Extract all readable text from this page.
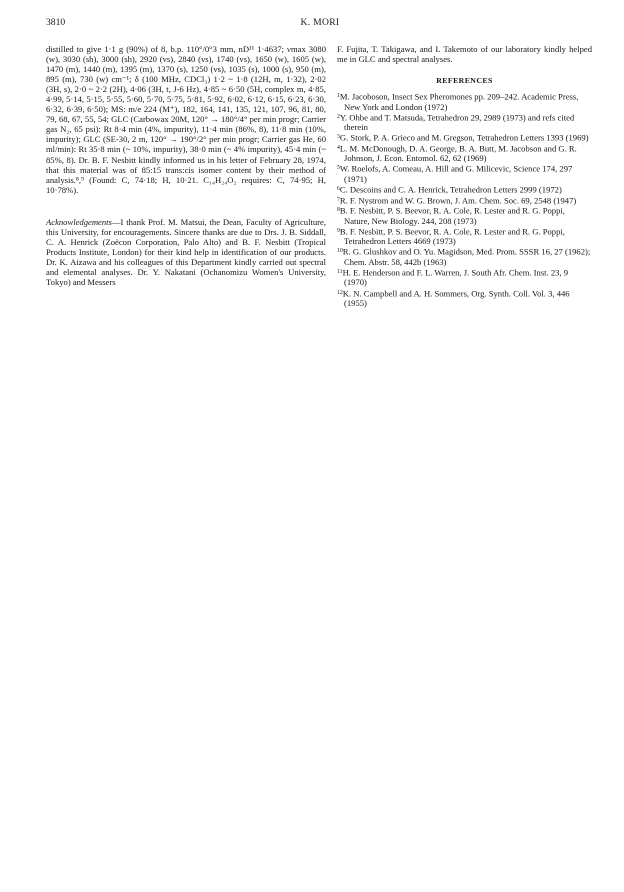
3810	K. MORI

distilled to give 1·1 g (90%) of 8, b.p. 110°/0°3 mm, nD¹¹ 1·4637; νmax 3080 (w), 3030 (sh), 3000 (sh), 2920 (vs), 2840 (vs), 1740 (vs), 1650 (w), 1605 (w), 1470 (m), 1440 (m), 1395 (m), 1370 (s), 1250 (vs), 1035 (s), 1000 (s), 950 (m), 895 (m), 730 (w) cm⁻¹; δ (100 MHz, CDCl₃) 1·2 ~ 1·8 (12H, m, 1·32), 2·02 (3H, s), 2·0 ~ 2·2 (2H), 4·06 (3H, t, J-6 Hz), 4·85 ~ 6·50 (5H, complex m, 4·85, 4·99, 5·14, 5·15, 5·55, 5·60, 5·70, 5·75, 5·81, 5·92, 6·02, 6·12, 6·15, 6·23, 6·30, 6·32, 6·39, 6·50); MS: m/e 224 (M⁺), 182, 164, 141, 135, 121, 107, 96, 81, 80, 79, 68, 67, 55, 54; GLC (Carbowax 20M, 120° → 180°/4° per min progr; Carrier gas N₂, 65 psi): Rt 8·4 min (4%, impurity), 11·4 min (86%, 8), 11·8 min (10%, impurity); GLC (SE-30, 2 m, 120° → 190°/2° per min progr; Carrier gas He, 60 ml/min): Rt 35·8 min (~ 10%, impurity), 38·0 min (~ 4% impurity), 45·4 min (~ 85%, 8). Dr. B. F. Nesbitt kindly informed us in his letter of February 28, 1974, that this material was of 85:15 trans:cis isomer content by their method of analysis.⁸,⁹ (Found: C, 74·18; H, 10·21. C₁₄H₂₄O₂ requires: C, 74·95; H, 10·78%).

Acknowledgements—I thank Prof. M. Matsui, the Dean, Faculty of Agriculture, this University, for encouragements. Sincere thanks are due to Drs. J. B. Siddall, C. A. Henrick (Zoëcon Corporation, Palo Alto) and B. F. Nesbitt (Tropical Products Institute, London) for their kind help in identification of our products. Dr. K. Aizawa and his colleagues of this Department kindly carried out spectral and elemental analyses. Dr. Y. Nakatani (Ochanomizu Women's University, Tokyo) and Messers

F. Fujita, T. Takigawa, and I. Takemoto of our laboratory kindly helped me in GLC and spectral analyses.

REFERENCES

$^1$M. Jacoboson, Insect Sex Pheromones pp. 209–242. Academic Press, New York and London (1972)

$^2$Y. Ohbe and T. Matsuda, Tetrahedron 29, 2989 (1973) and refs cited therein

$^3$G. Stork, P. A. Grieco and M. Gregson, Tetrahedron Letters 1393 (1969)

$^4$L. M. McDonough, D. A. George, B. A. Butt, M. Jacobson and G. R. Johnson, J. Econ. Entomol. 62, 62 (1969)

$^5$W. Roelofs, A. Comeau, A. Hill and G. Milicevic, Science 174, 297 (1971)

$^6$C. Descoins and C. A. Henrick, Tetrahedron Letters 2999 (1972)

$^7$R. F. Nystrom and W. G. Brown, J. Am. Chem. Soc. 69, 2548 (1947)

$^8$B. F. Nesbitt, P. S. Beevor, R. A. Cole, R. Lester and R. G. Poppi, Nature, New Biology. 244, 208 (1973)

$^9$B. F. Nesbitt, P. S. Beevor, R. A. Cole, R. Lester and R. G. Poppi, Tetrahedron Letters 4669 (1973)

$^{10}$R. G. Glushkov and O. Yu. Magidson, Med. Prom. SSSR 16, 27 (1962); Chem. Abstr. 58, 442b (1963)

$^{11}$H. E. Henderson and F. L. Warren, J. South Afr. Chem. Inst. 23, 9 (1970)

$^{12}$K. N. Campbell and A. H. Sommers, Org. Synth. Coll. Vol. 3, 446 (1955)
